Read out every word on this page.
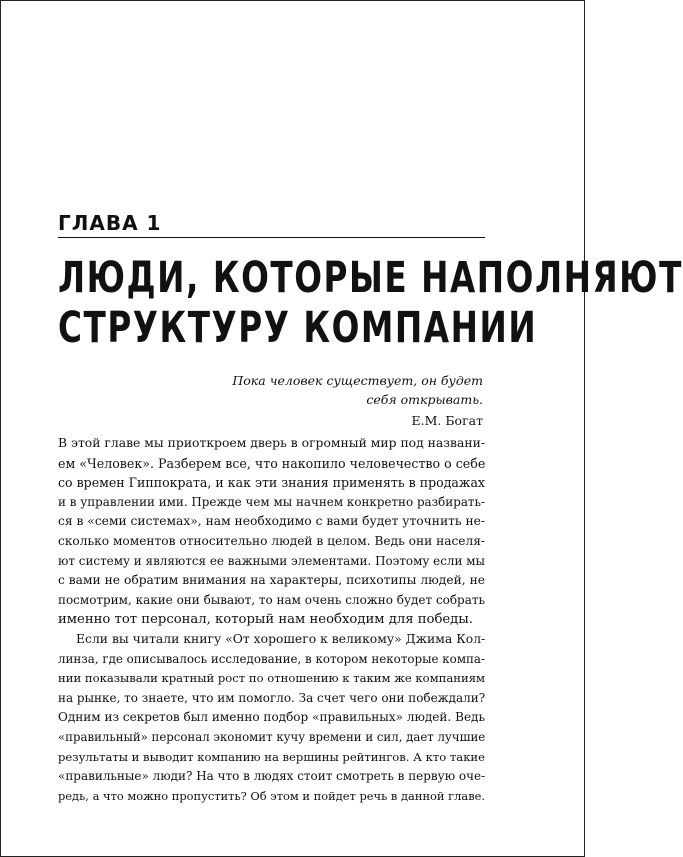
ГЛАВА 1
ЛЮДИ, КОТОРЫЕ НАПОЛНЯЮТ
СТРУКТУРУ КОМПАНИИ
Пока человек существует, он будет
себя открывать.
Е.М. Богат
В этой главе мы приоткроем дверь в огромный мир под названи-
ем «Человек». Разберем все, что накопило человечество о себе
со времен Гиппократа, и как эти знания применять в продажах
и в управлении ими. Прежде чем мы начнем конкретно разбирать-
ся в «семи системах», нам необходимо с вами будет уточнить не-
сколько моментов относительно людей в целом. Ведь они населя-
ют систему и являются ее важными элементами. Поэтому если мы
с вами не обратим внимания на характеры, психотипы людей, не
посмотрим, какие они бывают, то нам очень сложно будет собрать
именно тот персонал, который нам необходим для победы.
Если вы читали книгу «От хорошего к великому» Джима Кол-
линза, где описывалось исследование, в котором некоторые компа-
нии показывали кратный рост по отношению к таким же компаниям
на рынке, то знаете, что им помогло. За счет чего они побеждали?
Одним из секретов был именно подбор «правильных» людей. Ведь
«правильный» персонал экономит кучу времени и сил, дает лучшие
результаты и выводит компанию на вершины рейтингов. А кто такие
«правильные» люди? На что в людях стоит смотреть в первую оче-
редь, а что можно пропустить? Об этом и пойдет речь в данной главе.
